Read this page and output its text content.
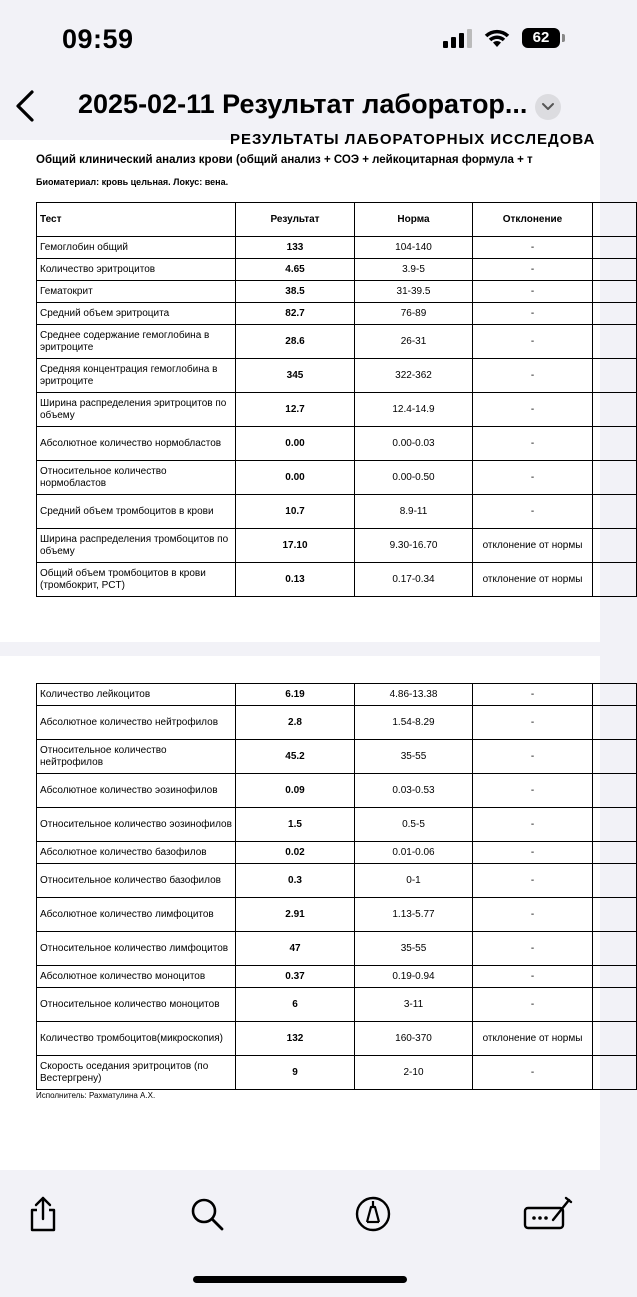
09:59	62
2025-02-11 Результат лаборатор...
РЕЗУЛЬТАТЫ ЛАБОРАТОРНЫХ ИССЛЕДОВА
Общий клинический анализ крови (общий анализ + СОЭ + лейкоцитарная формула + т
Биоматериал: кровь цельная. Локус: вена.
Тест	Результат	Норма	Отклонение	
Гемоглобин общий	133	104-140	-	
Количество эритроцитов	4.65	3.9-5	-	
Гематокрит	38.5	31-39.5	-	
Средний объем эритроцита	82.7	76-89	-	
Среднее содержание гемоглобина в эритроците	28.6	26-31	-	
Средняя концентрация гемоглобина в эритроците	345	322-362	-	
Ширина распределения эритроцитов по объему	12.7	12.4-14.9	-	
Абсолютное количество нормобластов	0.00	0.00-0.03	-	
Относительное количество нормобластов	0.00	0.00-0.50	-	
Средний объем тромбоцитов в крови	10.7	8.9-11	-	
Ширина распределения тромбоцитов по объему	17.10	9.30-16.70	отклонение от нормы	
Общий объем тромбоцитов в крови (тромбокрит, PCT)	0.13	0.17-0.34	отклонение от нормы	
Количество лейкоцитов	6.19	4.86-13.38	-	
Абсолютное количество нейтрофилов	2.8	1.54-8.29	-	
Относительное количество нейтрофилов	45.2	35-55	-	
Абсолютное количество эозинофилов	0.09	0.03-0.53	-	
Относительное количество эозинофилов	1.5	0.5-5	-	
Абсолютное количество базофилов	0.02	0.01-0.06	-	
Относительное количество базофилов	0.3	0-1	-	
Абсолютное количество лимфоцитов	2.91	1.13-5.77	-	
Относительное количество лимфоцитов	47	35-55	-	
Абсолютное количество моноцитов	0.37	0.19-0.94	-	
Относительное количество моноцитов	6	3-11	-	
Количество тромбоцитов(микроскопия)	132	160-370	отклонение от нормы	
Скорость оседания эритроцитов (по Вестергрену)	9	2-10	-	
Исполнитель: Рахматулина А.Х.
